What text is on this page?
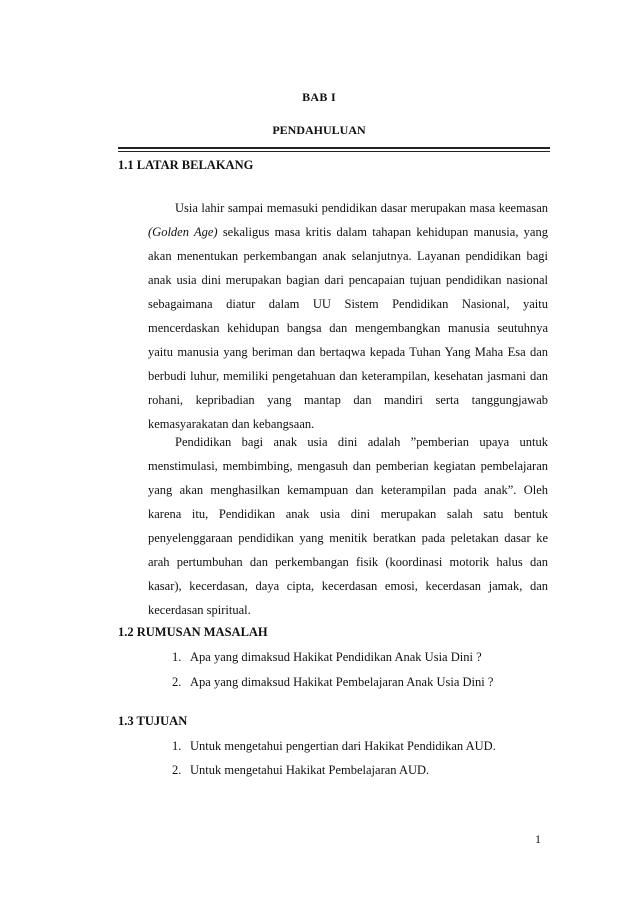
BAB I
PENDAHULUAN
1.1 LATAR BELAKANG
Usia lahir sampai memasuki pendidikan dasar merupakan masa keemasan (Golden Age) sekaligus masa kritis dalam tahapan kehidupan manusia, yang akan menentukan perkembangan anak selanjutnya. Layanan pendidikan bagi anak usia dini merupakan bagian dari pencapaian tujuan pendidikan nasional sebagaimana diatur dalam UU Sistem Pendidikan Nasional, yaitu mencerdaskan kehidupan bangsa dan mengembangkan manusia seutuhnya yaitu manusia yang beriman dan bertaqwa kepada Tuhan Yang Maha Esa dan berbudi luhur, memiliki pengetahuan dan keterampilan, kesehatan jasmani dan rohani, kepribadian yang mantap dan mandiri serta tanggungjawab kemasyarakatan dan kebangsaan.
Pendidikan bagi anak usia dini adalah ”pemberian upaya untuk menstimulasi, membimbing, mengasuh dan pemberian kegiatan pembelajaran yang akan menghasilkan kemampuan dan keterampilan pada anak”. Oleh karena itu, Pendidikan anak usia dini merupakan salah satu bentuk penyelenggaraan pendidikan yang menitik beratkan pada peletakan dasar ke arah pertumbuhan dan perkembangan fisik (koordinasi motorik halus dan kasar), kecerdasan, daya cipta, kecerdasan emosi, kecerdasan jamak, dan kecerdasan spiritual.
1.2 RUMUSAN MASALAH
1. Apa yang dimaksud Hakikat Pendidikan Anak Usia Dini ?
2. Apa yang dimaksud Hakikat Pembelajaran Anak Usia Dini ?
1.3 TUJUAN
1. Untuk mengetahui pengertian dari Hakikat Pendidikan AUD.
2. Untuk mengetahui Hakikat Pembelajaran AUD.
1
